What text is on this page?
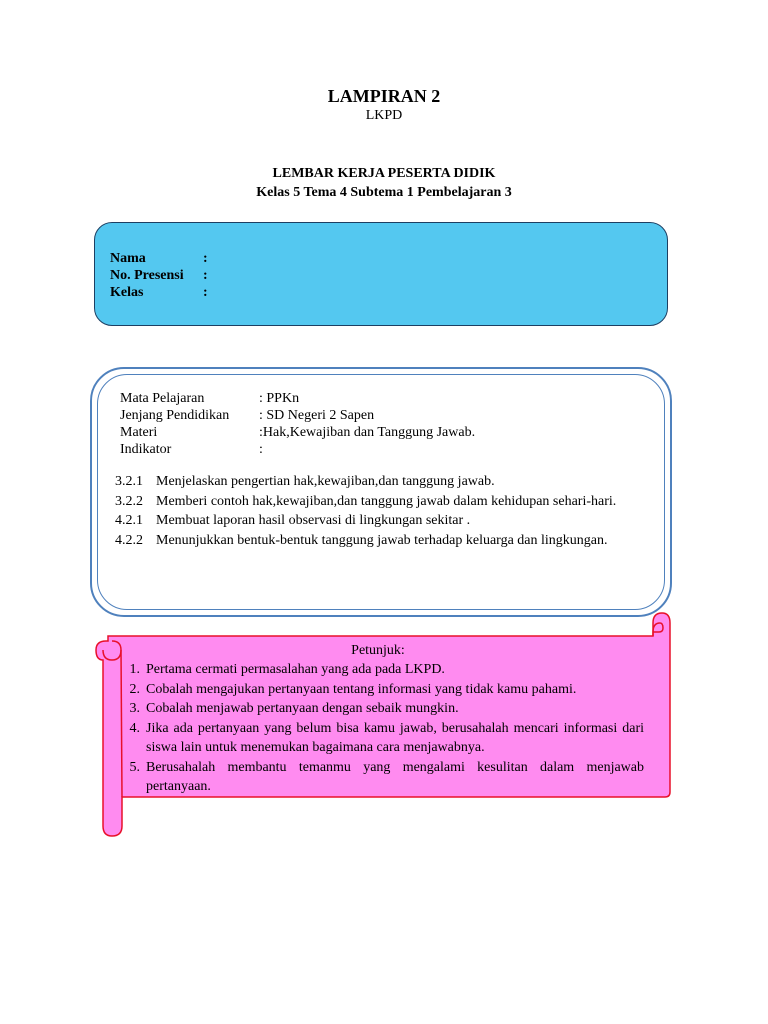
LAMPIRAN 2
LKPD
LEMBAR KERJA PESERTA DIDIK
Kelas 5 Tema 4 Subtema 1 Pembelajaran 3
Nama	:
No. Presensi :
Kelas	:
Mata Pelajaran	: PPKn
Jenjang Pendidikan : SD Negeri 2 Sapen
Materi	:Hak,Kewajiban dan Tanggung Jawab.
Indikator	:
3.2.1 Menjelaskan pengertian hak,kewajiban,dan tanggung jawab.
3.2.2 Memberi contoh hak,kewajiban,dan tanggung jawab dalam kehidupan sehari-hari.
4.2.1 Membuat laporan hasil observasi di lingkungan sekitar .
4.2.2 Menunjukkan bentuk-bentuk tanggung jawab terhadap keluarga dan lingkungan.
Petunjuk:
1. Pertama cermati permasalahan yang ada pada LKPD.
2. Cobalah mengajukan pertanyaan tentang informasi yang tidak kamu pahami.
3. Cobalah menjawab pertanyaan dengan sebaik mungkin.
4. Jika ada pertanyaan yang belum bisa kamu jawab, berusahalah mencari informasi dari siswa lain untuk menemukan bagaimana cara menjawabnya.
5. Berusahalah membantu temanmu yang mengalami kesulitan dalam menjawab pertanyaan.
